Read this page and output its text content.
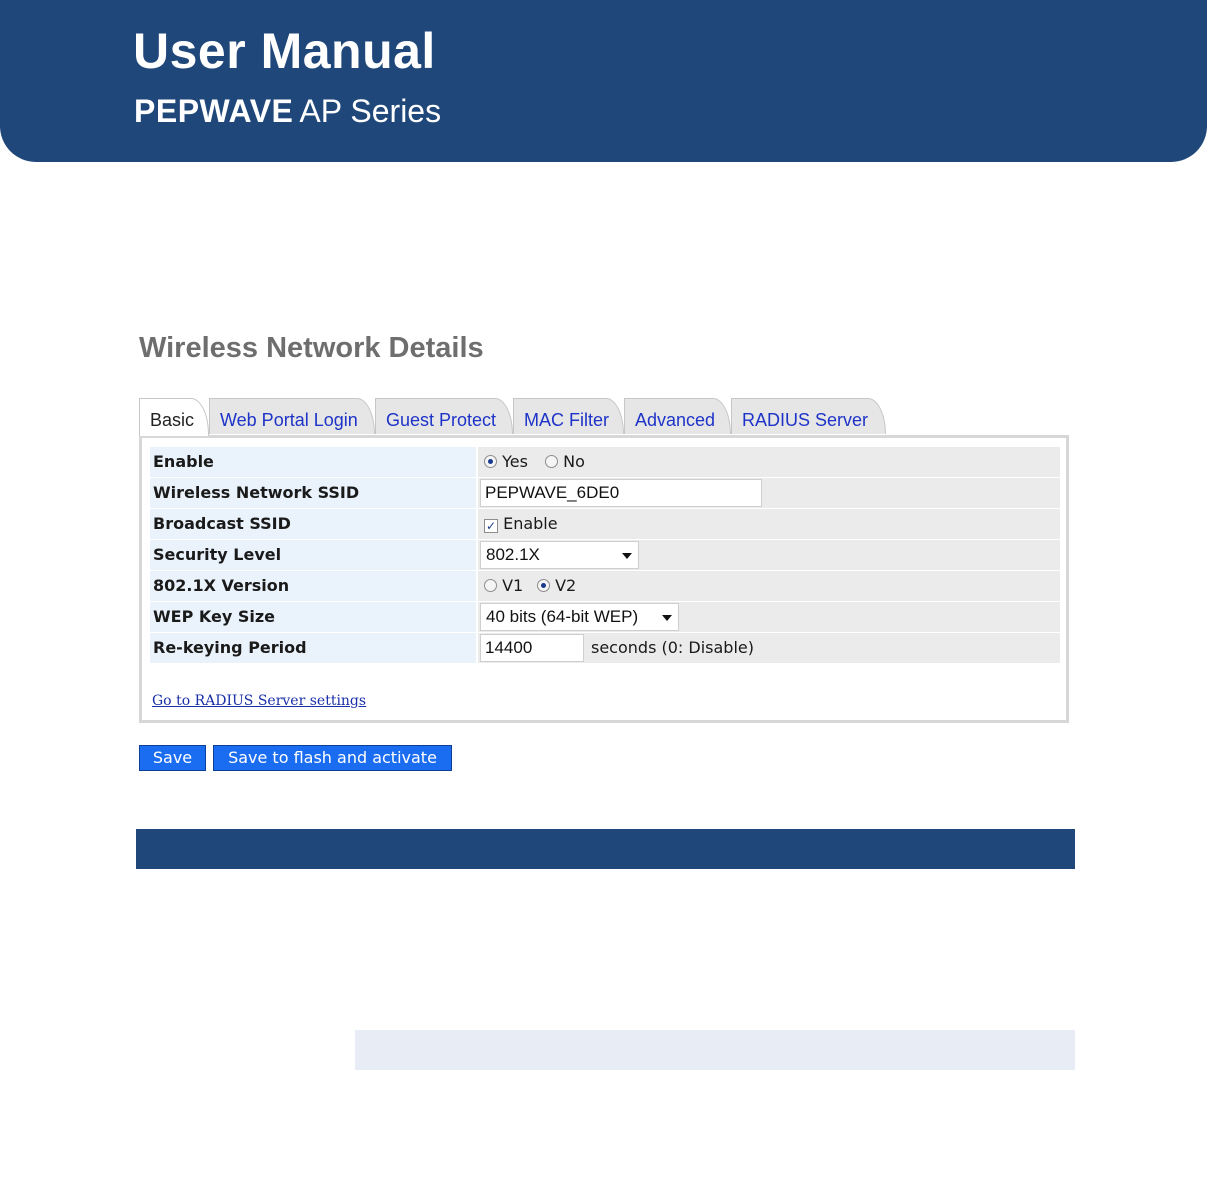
User Manual
PEPWAVE AP Series
Wireless Network Details
Basic	Web Portal Login	Guest Protect	MAC Filter	Advanced	RADIUS Server
Enable	Yes	No
Wireless Network SSID	PEPWAVE_6DE0
Broadcast SSID	✓ Enable
Security Level	802.1X
802.1X Version	V1	V2
WEP Key Size	40 bits (64-bit WEP)
Re-keying Period	14400	seconds (0: Disable)
Go to RADIUS Server settings
Save	Save to flash and activate
